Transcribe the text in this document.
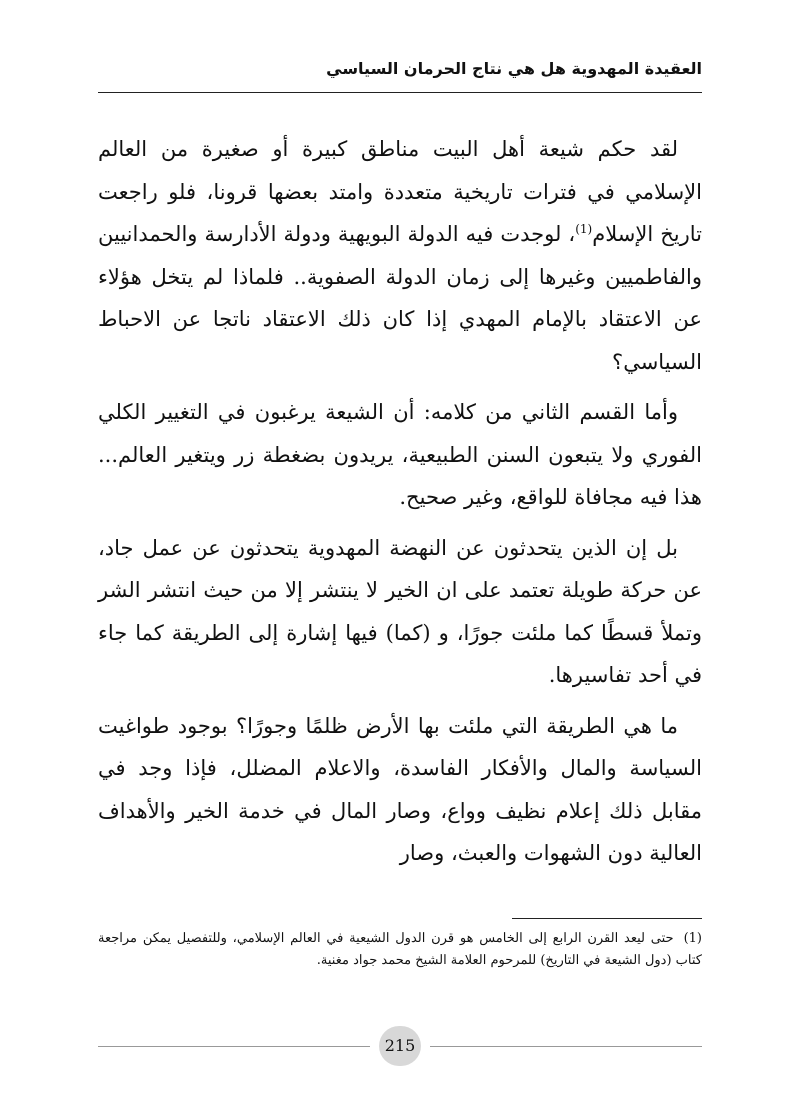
العقيدة المهدوية هل هي نتاج الحرمان السياسي

لقد حكم شيعة أهل البيت مناطق كبيرة أو صغيرة من العالم الإسلامي في فترات تاريخية متعددة وامتد بعضها قرونا، فلو راجعت تاريخ الإسلام$^{(1)}$، لوجدت فيه الدولة البويهية ودولة الأدارسة والحمدانيين والفاطميين وغيرها إلى زمان الدولة الصفوية.. فلماذا لم يتخل هؤلاء عن الاعتقاد بالإمام المهدي إذا كان ذلك الاعتقاد ناتجا عن الاحباط السياسي؟

وأما القسم الثاني من كلامه: أن الشيعة يرغبون في التغيير الكلي الفوري ولا يتبعون السنن الطبيعية، يريدون بضغطة زر ويتغير العالم... هذا فيه مجافاة للواقع، وغير صحيح.

بل إن الذين يتحدثون عن النهضة المهدوية يتحدثون عن عمل جاد، عن حركة طويلة تعتمد على ان الخير لا ينتشر إلا من حيث انتشر الشر وتملأ قسطًا كما ملئت جورًا، و (كما) فيها إشارة إلى الطريقة كما جاء في أحد تفاسيرها.

ما هي الطريقة التي ملئت بها الأرض ظلمًا وجورًا؟ بوجود طواغيت السياسة والمال والأفكار الفاسدة، والاعلام المضلل، فإذا وجد في مقابل ذلك إعلام نظيف وواع، وصار المال في خدمة الخير والأهداف العالية دون الشهوات والعبث، وصار

(1)حتى ليعد القرن الرابع إلى الخامس هو قرن الدول الشيعية في العالم الإسلامي، وللتفصيل يمكن مراجعة كتاب (دول الشيعة في التاريخ) للمرحوم العلامة الشيخ محمد جواد مغنية.
215
